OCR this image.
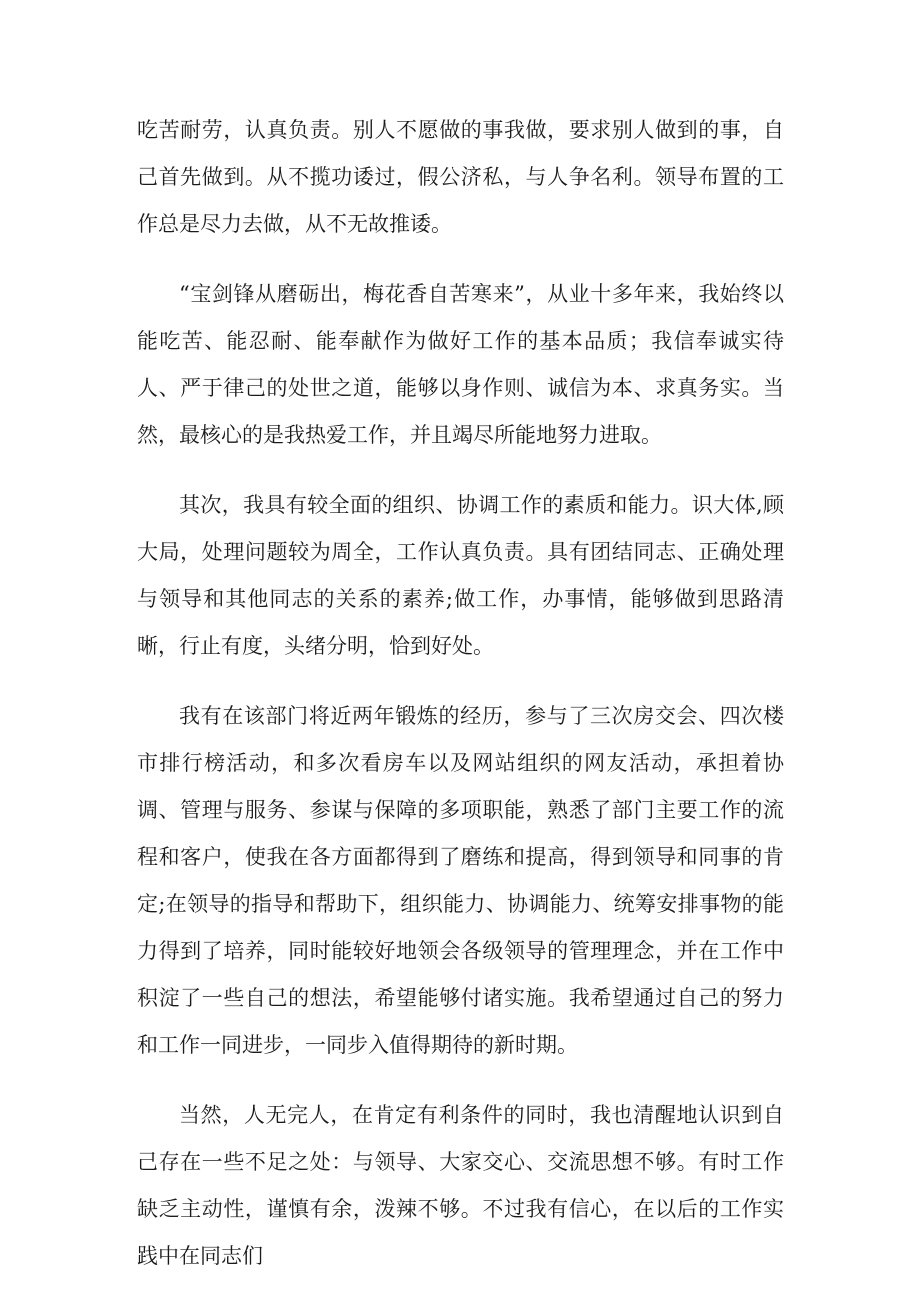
吃苦耐劳，认真负责。别人不愿做的事我做，要求别人做到的事，自己首先做到。从不揽功诿过，假公济私，与人争名利。领导布置的工作总是尽力去做，从不无故推诿。

“宝剑锋从磨砺出，梅花香自苦寒来”，从业十多年来，我始终以能吃苦、能忍耐、能奉献作为做好工作的基本品质；我信奉诚实待人、严于律己的处世之道，能够以身作则、诚信为本、求真务实。当然，最核心的是我热爱工作，并且竭尽所能地努力进取。

其次，我具有较全面的组织、协调工作的素质和能力。识大体,顾大局，处理问题较为周全，工作认真负责。具有团结同志、正确处理与领导和其他同志的关系的素养;做工作，办事情，能够做到思路清晰，行止有度，头绪分明，恰到好处。

我有在该部门将近两年锻炼的经历，参与了三次房交会、四次楼市排行榜活动，和多次看房车以及网站组织的网友活动，承担着协调、管理与服务、参谋与保障的多项职能，熟悉了部门主要工作的流程和客户，使我在各方面都得到了磨练和提高，得到领导和同事的肯定;在领导的指导和帮助下，组织能力、协调能力、统筹安排事物的能力得到了培养，同时能较好地领会各级领导的管理理念，并在工作中积淀了一些自己的想法，希望能够付诸实施。我希望通过自己的努力和工作一同进步，一同步入值得期待的新时期。

当然，人无完人，在肯定有利条件的同时，我也清醒地认识到自己存在一些不足之处：与领导、大家交心、交流思想不够。有时工作缺乏主动性，谨慎有余，泼辣不够。不过我有信心，在以后的工作实践中在同志们
